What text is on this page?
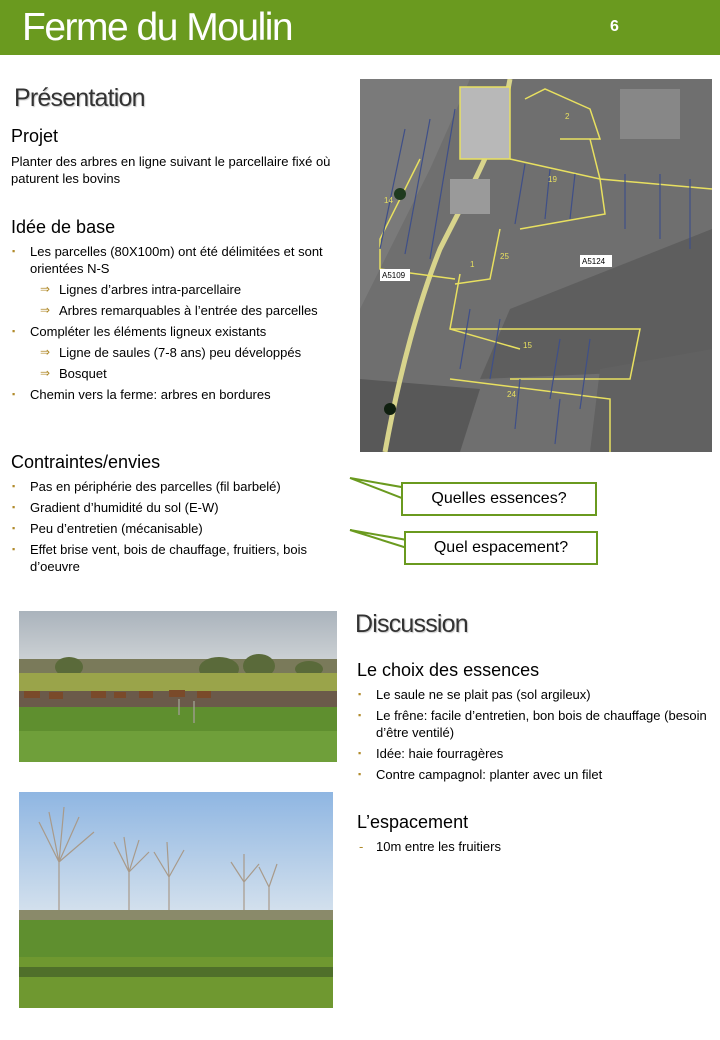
Ferme du Moulin	6
Présentation
Projet
Planter des arbres en ligne suivant le parcellaire fixé où paturent les bovins
Idée de base
▪ Les parcelles (80X100m) ont été délimitées et sont orientées N-S
⇒ Lignes d’arbres intra-parcellaire
⇒ Arbres remarquables à l’entrée des parcelles
▪ Compléter les éléments ligneux existants
⇒ Ligne de saules (7-8 ans) peu développés
⇒ Bosquet
▪ Chemin vers la ferme: arbres en bordures
Contraintes/envies
▪ Pas en périphérie des parcelles (fil barbelé)
▪ Gradient d’humidité du sol (E-W)
▪ Peu d’entretien (mécanisable)
▪ Effet brise vent, bois de chauffage, fruitiers, bois d’oeuvre
2
19
14
1
25
15
24
A5109
A5124
Quelles essences?
Quel espacement?
Discussion
Le choix des essences
▪ Le saule ne se plait pas (sol argileux)
▪ Le frêne: facile d’entretien, bon bois de chauffage (besoin d’être ventilé)
▪ Idée: haie fourragères
▪ Contre campagnol: planter avec un filet
L’espacement
- 10m entre les fruitiers
